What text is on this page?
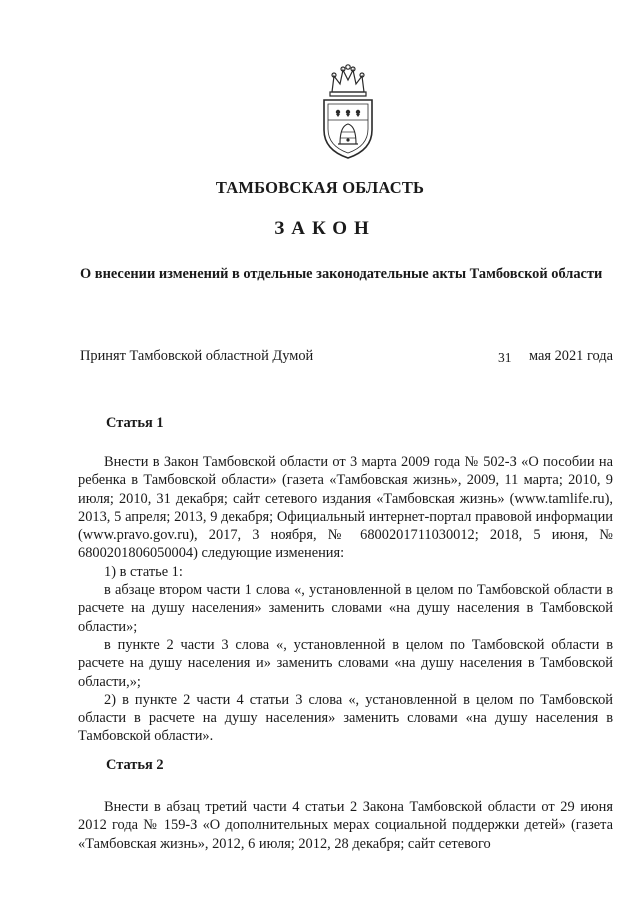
ТАМБОВСКАЯ ОБЛАСТЬ
ЗАКОН
О внесении изменений в отдельные законодательные акты Тамбовской области
Принят Тамбовской областной Думой	31 мая 2021 года
Статья 1

Внести в Закон Тамбовской области от 3 марта 2009 года № 502-З «О пособии на ребенка в Тамбовской области» (газета «Тамбовская жизнь», 2009, 11 марта; 2010, 9 июля; 2010, 31 декабря; сайт сетевого издания «Тамбовская жизнь» (www.tamlife.ru), 2013, 5 апреля; 2013, 9 декабря; Официальный интернет-портал правовой информации (www.pravo.gov.ru), 2017, 3 ноября, № 6800201711030012; 2018, 5 июня, № 6800201806050004) следующие изменения:

1) в статье 1:

в абзаце втором части 1 слова «, установленной в целом по Тамбовской области в расчете на душу населения» заменить словами «на душу населения в Тамбовской области»;

в пункте 2 части 3 слова «, установленной в целом по Тамбовской области в расчете на душу населения и» заменить словами «на душу населения в Тамбовской области,»;

2) в пункте 2 части 4 статьи 3 слова «, установленной в целом по Тамбовской области в расчете на душу населения» заменить словами «на душу населения в Тамбовской области».

Статья 2

Внести в абзац третий части 4 статьи 2 Закона Тамбовской области от 29 июня 2012 года № 159-З «О дополнительных мерах социальной поддержки детей» (газета «Тамбовская жизнь», 2012, 6 июля; 2012, 28 декабря; сайт сетевого
